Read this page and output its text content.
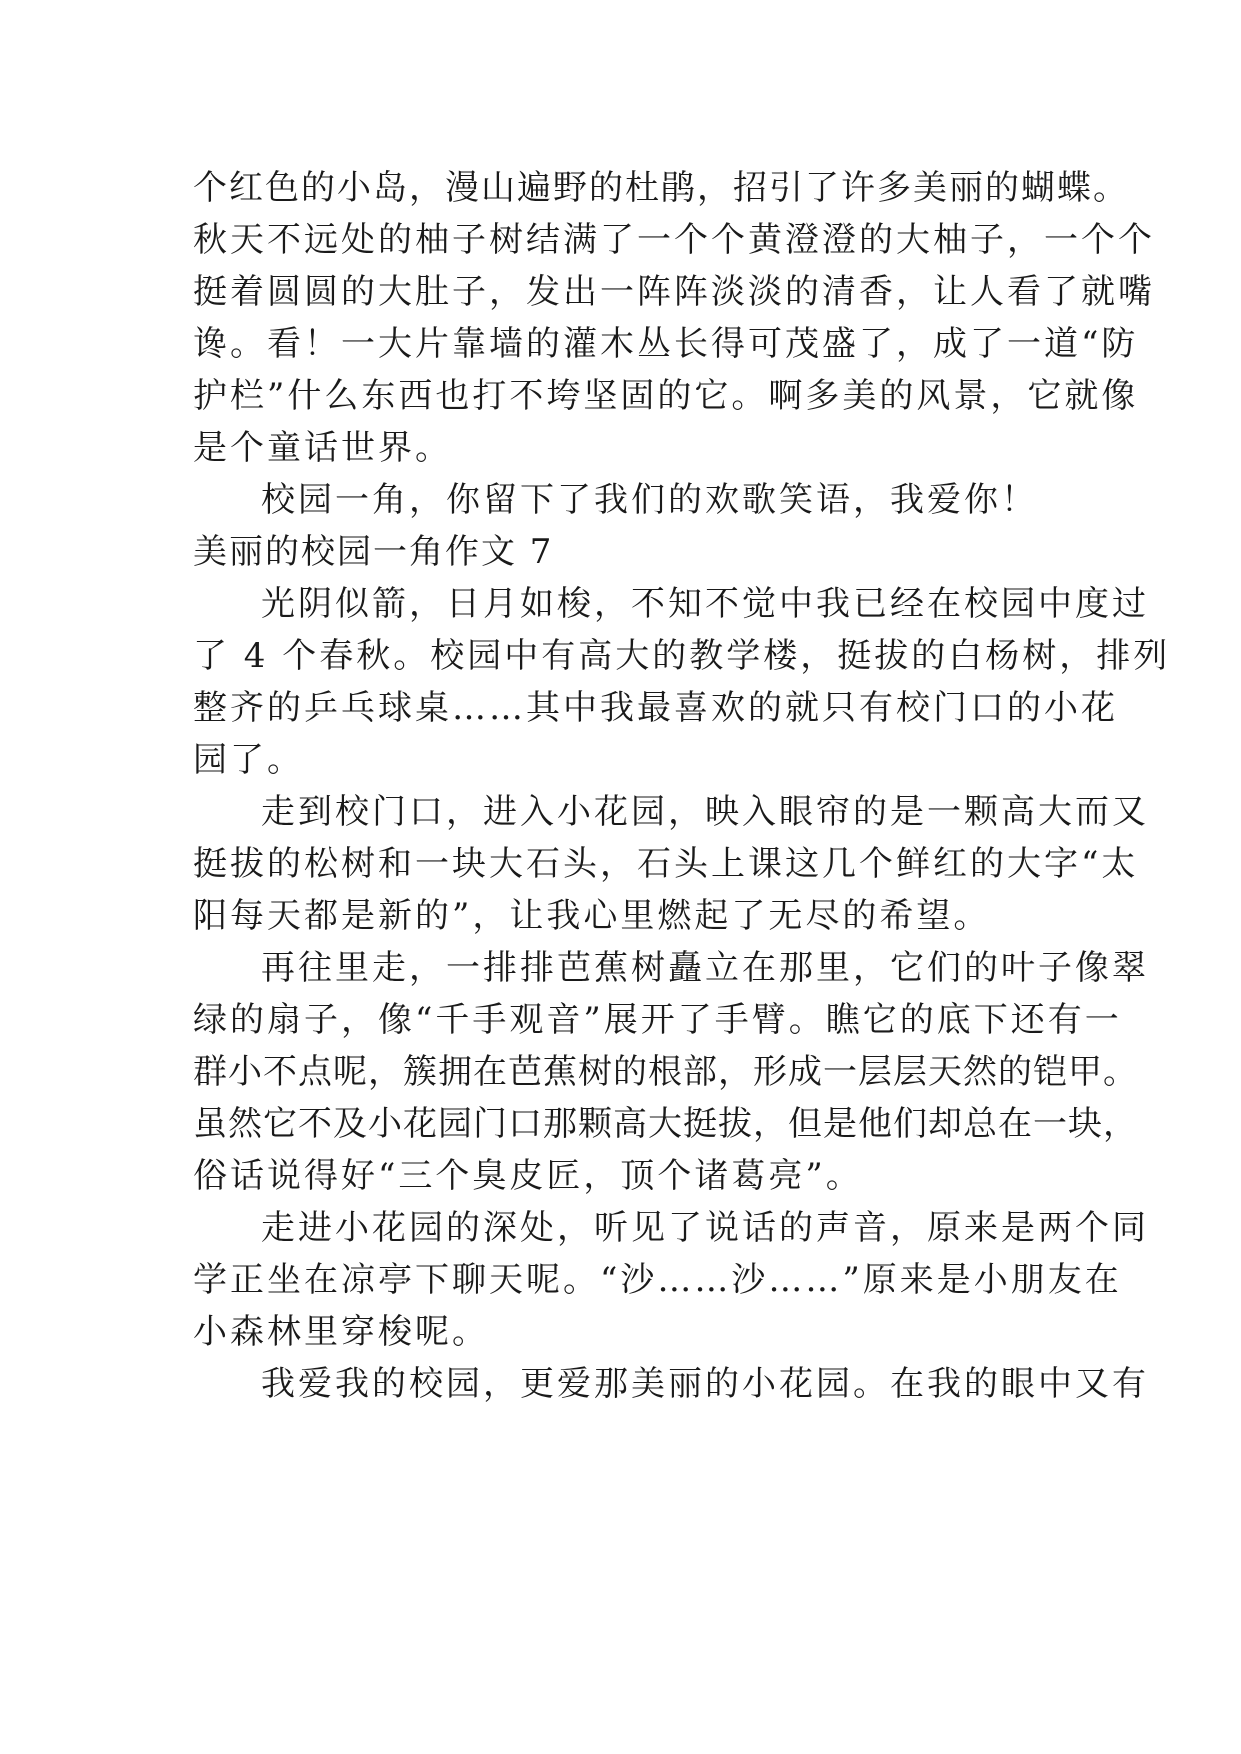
个红色的小岛，漫山遍野的杜鹃，招引了许多美丽的蝴蝶。
秋天不远处的柚子树结满了一个个黄澄澄的大柚子，一个个
挺着圆圆的大肚子，发出一阵阵淡淡的清香，让人看了就嘴
谗。看！一大片靠墙的灌木丛长得可茂盛了，成了一道“防
护栏”什么东西也打不垮坚固的它。啊多美的风景，它就像
是个童话世界。
校园一角，你留下了我们的欢歌笑语，我爱你！
美丽的校园一角作文 7
光阴似箭，日月如梭，不知不觉中我已经在校园中度过
了 4 个春秋。校园中有高大的教学楼，挺拔的白杨树，排列
整齐的乒乓球桌……其中我最喜欢的就只有校门口的小花
园了。
走到校门口，进入小花园，映入眼帘的是一颗高大而又
挺拔的松树和一块大石头，石头上课这几个鲜红的大字“太
阳每天都是新的”，让我心里燃起了无尽的希望。
再往里走，一排排芭蕉树矗立在那里，它们的叶子像翠
绿的扇子，像“千手观音”展开了手臂。瞧它的底下还有一
群小不点呢，簇拥在芭蕉树的根部，形成一层层天然的铠甲。
虽然它不及小花园门口那颗高大挺拔，但是他们却总在一块，
俗话说得好“三个臭皮匠，顶个诸葛亮”。
走进小花园的深处，听见了说话的声音，原来是两个同
学正坐在凉亭下聊天呢。“沙……沙……”原来是小朋友在
小森林里穿梭呢。
我爱我的校园，更爱那美丽的小花园。在我的眼中又有
